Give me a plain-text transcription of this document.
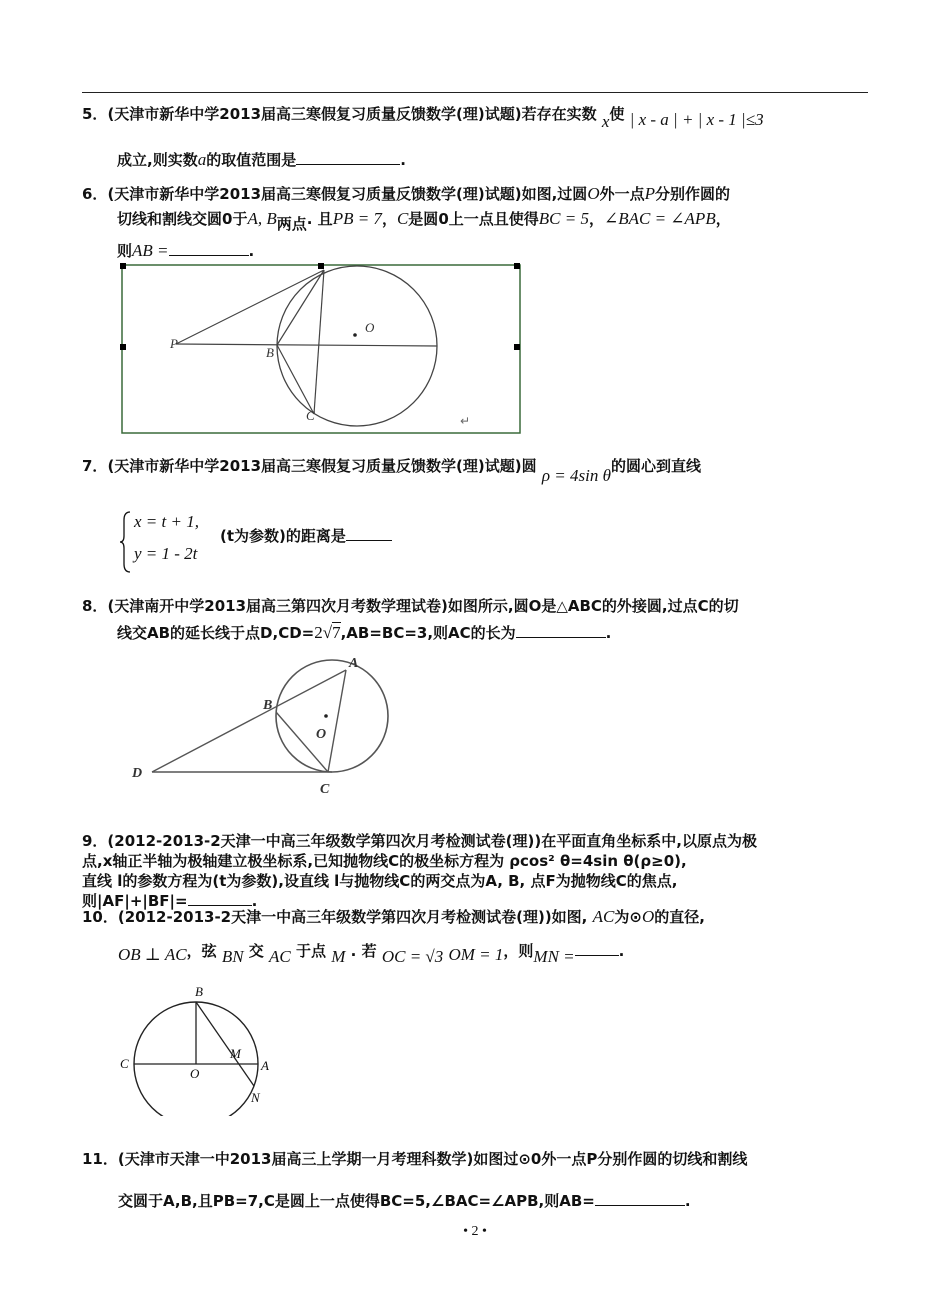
5．(天津市新华中学2013届高三寒假复习质量反馈数学(理)试题)若存在实数 x使 | x - a | + | x - 1 |≤3
成立,则实数a的取值范围是	.
6．(天津市新华中学2013届高三寒假复习质量反馈数学(理)试题)如图,过圆O外一点P分别作圆的
切线和割线交圆0于A, B两点. 且PB = 7，C是圆0上一点且使得BC = 5，∠BAC = ∠APB，
则AB =	.
P
B
C
O
↵
7．(天津市新华中学2013届高三寒假复习质量反馈数学(理)试题)圆 ρ = 4sin θ的圆心到直线
x = t + 1,
y = 1 - 2t
(t为参数)的距离是
8．(天津南开中学2013届高三第四次月考数学理试卷)如图所示,圆O是△ABC的外接圆,过点C的切
线交AB的延长线于点D,CD=2√7,AB=BC=3,则AC的长为	.
A
B
C
D
O
9．(2012-2013-2天津一中高三年级数学第四次月考检测试卷(理))在平面直角坐标系中,以原点为极
点,x轴正半轴为极轴建立极坐标系,已知抛物线C的极坐标方程为 ρcos² θ=4sin θ(ρ≥0),
直线 l的参数方程为(t为参数),设直线 l与抛物线C的两交点为A, B, 点F为抛物线C的焦点,
则|AF|+|BF|=	.
10．(2012-2013-2天津一中高三年级数学第四次月考检测试卷(理))如图, AC为⊙O的直径,
OB ⊥ AC，弦 BN 交 AC 于点 M . 若 OC = √3 OM = 1，则MN =	.
B
C
O
M
A
N
11．(天津市天津一中2013届高三上学期一月考理科数学)如图过⊙0外一点P分别作圆的切线和割线
交圆于A,B,且PB=7,C是圆上一点使得BC=5,∠BAC=∠APB,则AB=	.
• 2 •
